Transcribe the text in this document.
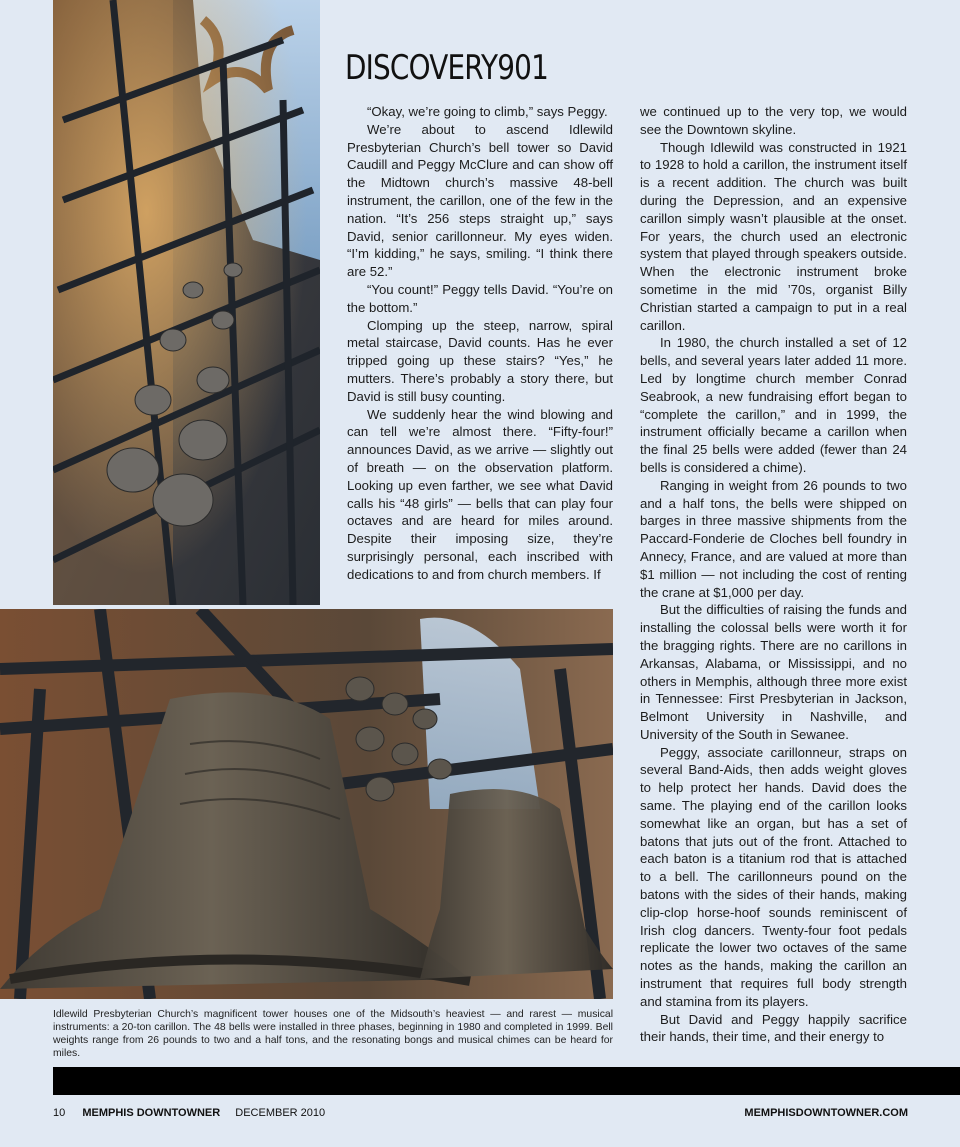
DISCOVERY901

“Okay, we’re going to climb,” says Peggy.

We’re about to ascend Idlewild Presbyterian Church’s bell tower so David Caudill and Peggy McClure and can show off the Midtown church’s massive 48-bell instrument, the carillon, one of the few in the nation. “It’s 256 steps straight up,” says David, senior carillonneur. My eyes widen. “I’m kidding,” he says, smiling. “I think there are 52.”

“You count!” Peggy tells David. “You’re on the bottom.”

Clomping up the steep, narrow, spiral metal staircase, David counts. Has he ever tripped going up these stairs? “Yes,” he mutters. There’s probably a story there, but David is still busy counting.

We suddenly hear the wind blowing and can tell we’re almost there. “Fifty-four!” announces David, as we arrive — slightly out of breath — on the observation platform. Looking up even farther, we see what David calls his “48 girls” — bells that can play four octaves and are heard for miles around. Despite their imposing size, they’re surprisingly personal, each inscribed with dedications to and from church members. If

we continued up to the very top, we would see the Downtown skyline.

Though Idlewild was constructed in 1921 to 1928 to hold a carillon, the instrument itself is a recent addition. The church was built during the Depression, and an expensive carillon simply wasn’t plausible at the onset. For years, the church used an electronic system that played through speakers outside. When the electronic instrument broke sometime in the mid ’70s, organist Billy Christian started a campaign to put in a real carillon.

In 1980, the church installed a set of 12 bells, and several years later added 11 more. Led by longtime church member Conrad Seabrook, a new fundraising effort began to “complete the carillon,” and in 1999, the instrument officially became a carillon when the final 25 bells were added (fewer than 24 bells is considered a chime).

Ranging in weight from 26 pounds to two and a half tons, the bells were shipped on barges in three massive shipments from the Paccard-Fonderie de Cloches bell foundry in Annecy, France, and are valued at more than $1 million — not including the cost of renting the crane at $1,000 per day.

But the difficulties of raising the funds and installing the colossal bells were worth it for the bragging rights. There are no carillons in Arkansas, Alabama, or Mississippi, and no others in Memphis, although three more exist in Tennessee: First Presbyterian in Jackson, Belmont University in Nashville, and University of the South in Sewanee.

Peggy, associate carillonneur, straps on several Band-Aids, then adds weight gloves to help protect her hands. David does the same. The playing end of the carillon looks somewhat like an organ, but has a set of batons that juts out of the front. Attached to each baton is a titanium rod that is attached to a bell. The carillonneurs pound on the batons with the sides of their hands, making clip-clop horse-hoof sounds reminiscent of Irish clog dancers. Twenty-four foot pedals replicate the lower two octaves of the same notes as the hands, making the carillon an instrument that requires full body strength and stamina from its players.

But David and Peggy happily sacrifice their hands, their time, and their energy to

Idlewild Presbyterian Church’s magnificent tower houses one of the Midsouth’s heaviest — and rarest — musical instruments: a 20-ton carillon. The 48 bells were installed in three phases, beginning in 1980 and completed in 1999. Bell weights range from 26 pounds to two and a half tons, and the resonating bongs and musical chimes can be heard for miles.
10 MEMPHIS DOWNTOWNER DECEMBER 2010	MEMPHISDOWNTOWNER.COM
